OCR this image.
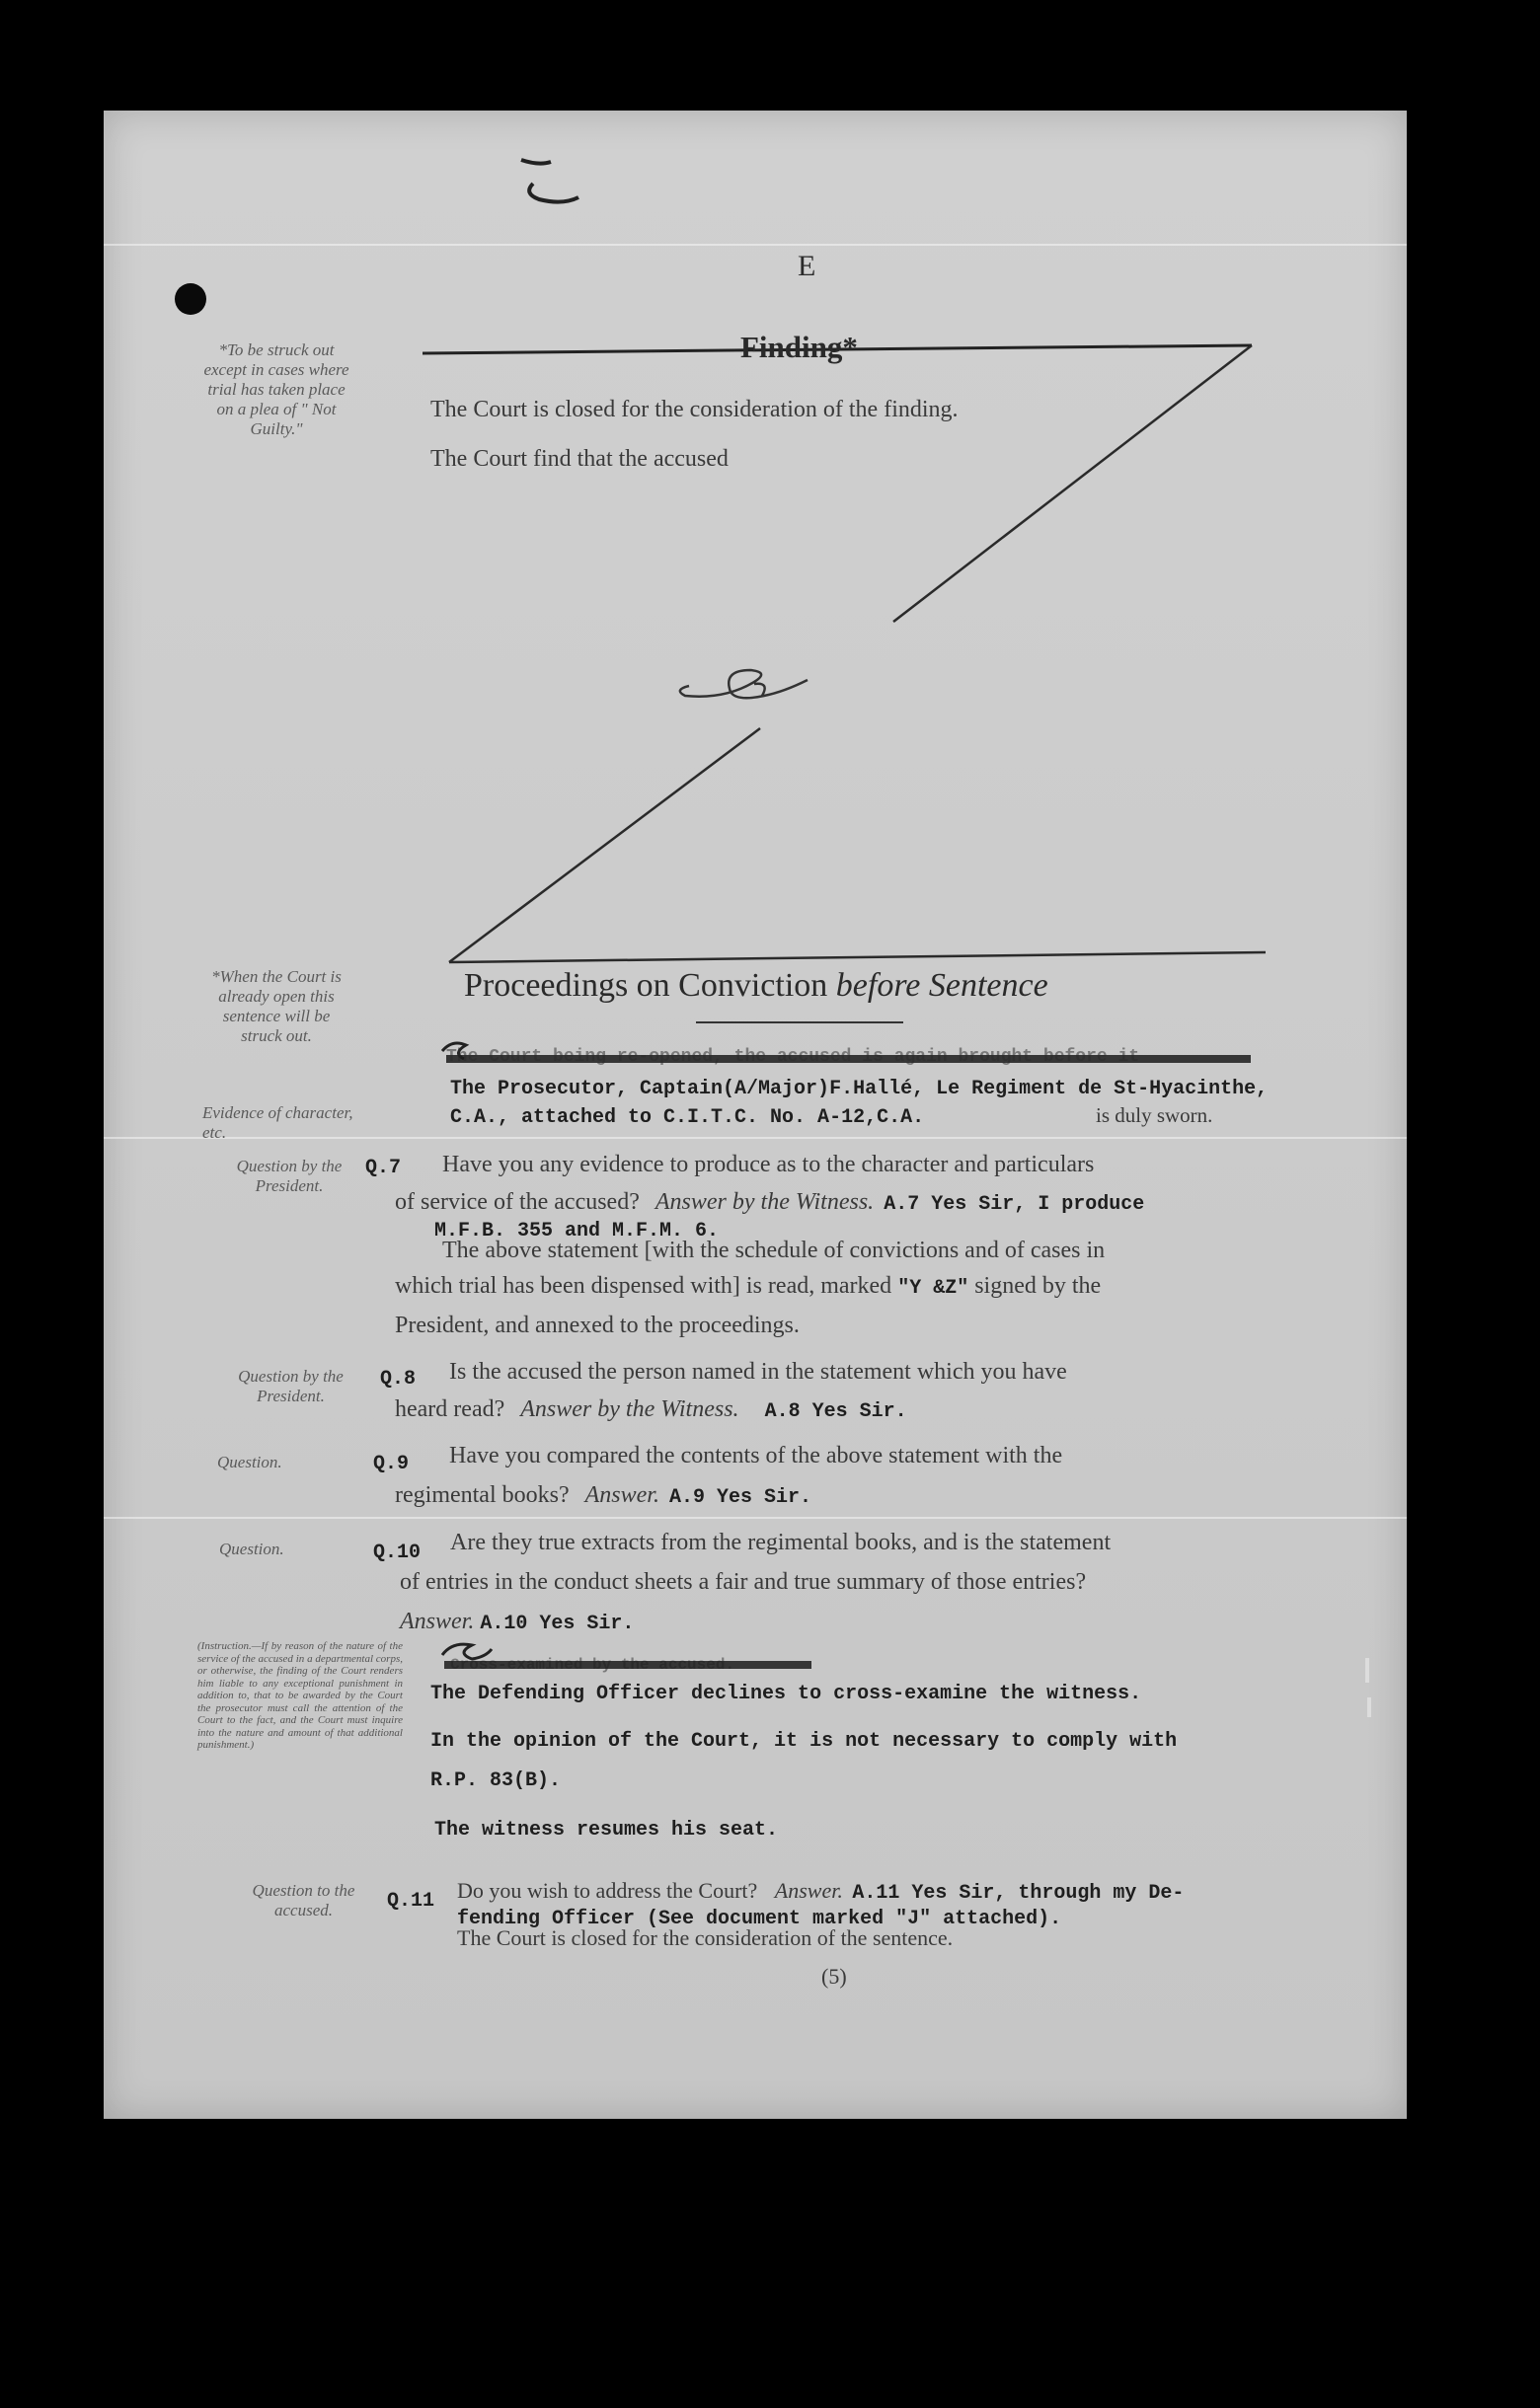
E
*To be struck out except in cases where trial has taken place on a plea of " Not Guilty."
Finding*
The Court is closed for the consideration of the finding.
The Court find that the accused
*When the Court is already open this sentence will be struck out.
Proceedings on Conviction before Sentence
The Court being re-opened, the accused is again brought before it
The Prosecutor, Captain(A/Major)F.Hallé, Le Regiment de St-Hyacinthe,
C.A., attached to C.I.T.C. No. A-12,C.A.	is duly sworn.
Evidence of character, etc.
Question by the President.
Q.7 Have you any evidence to produce as to the character and particulars
of service of the accused? Answer by the Witness. A.7 Yes Sir, I produce
M.F.B. 355 and M.F.M. 6.
The above statement [with the schedule of convictions and of cases in
which trial has been dispensed with] is read, marked "Y &Z" signed by the
President, and annexed to the proceedings.
Question by the President.
Q.8 Is the accused the person named in the statement which you have
heard read? Answer by the Witness. A.8 Yes Sir.
Question.	Q.9 Have you compared the contents of the above statement with the
regimental books? Answer. A.9 Yes Sir.
Question.	Q.10 Are they true extracts from the regimental books, and is the statement
of entries in the conduct sheets a fair and true summary of those entries?
Answer. A.10 Yes Sir.
(Instruction.—If by reason of the nature of the service of the accused in a departmental corps, or otherwise, the finding of the Court renders him liable to any exceptional punishment in addition to, that to be awarded by the Court the prosecutor must call the attention of the Court to the fact, and the Court must inquire into the nature and amount of that additional punishment.)
Cross-examined by the accused.
The Defending Officer declines to cross-examine the witness.
In the opinion of the Court, it is not necessary to comply with
R.P. 83(B).
The witness resumes his seat.
Question to the accused.	Q.11 Do you wish to address the Court? Answer. A.11 Yes Sir, through my De-
fending Officer (See document marked "J" attached).
The Court is closed for the consideration of the sentence.
(5)
